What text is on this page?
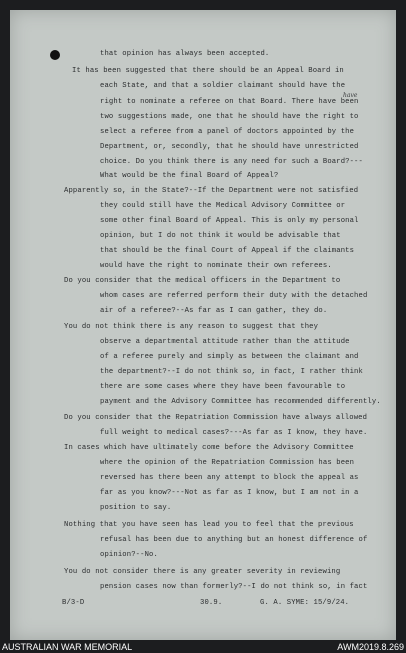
have
that opinion has always been accepted.
It has been suggested that there should be an Appeal Board in
each State, and that a soldier claimant should have the
right to nominate a referee on that Board. There have been
two suggestions made, one that he should have the right to
select a referee from a panel of doctors appointed by the
Department, or, secondly, that he should have unrestricted
choice. Do you think there is any need for such a Board?---
What would be the final Board of Appeal?
Apparently so, in the State?--If the Department were not satisfied
they could still have the Medical Advisory Committee or
some other final Board of Appeal. This is only my personal
opinion, but I do not think it would be advisable that
that should be the final Court of Appeal if the claimants
would have the right to nominate their own referees.
Do you consider that the medical officers in the Department to
whom cases are referred perform their duty with the detached
air of a referee?--As far as I can gather, they do.
You do not think there is any reason to suggest that they
observe a departmental attitude rather than the attitude
of a referee purely and simply as between the claimant and
the department?--I do not think so, in fact, I rather think
there are some cases where they have been favourable to
payment and the Advisory Committee has recommended differently.
Do you consider that the Repatriation Commission have always allowed
full weight to medical cases?---As far as I know, they have.
In cases which have ultimately come before the Advisory Committee
where the opinion of the Repatriation Commission has been
reversed has there been any attempt to block the appeal as
far as you know?---Not as far as I know, but I am not in a
position to say.
Nothing that you have seen has lead you to feel that the previous
refusal has been due to anything but an honest difference of
opinion?--No.
You do not consider there is any greater severity in reviewing
pension cases now than formerly?--I do not think so, in fact
B/3-D	30.9.	G. A. SYME: 15/9/24.
AUSTRALIAN WAR MEMORIAL	AWM2019.8.269
